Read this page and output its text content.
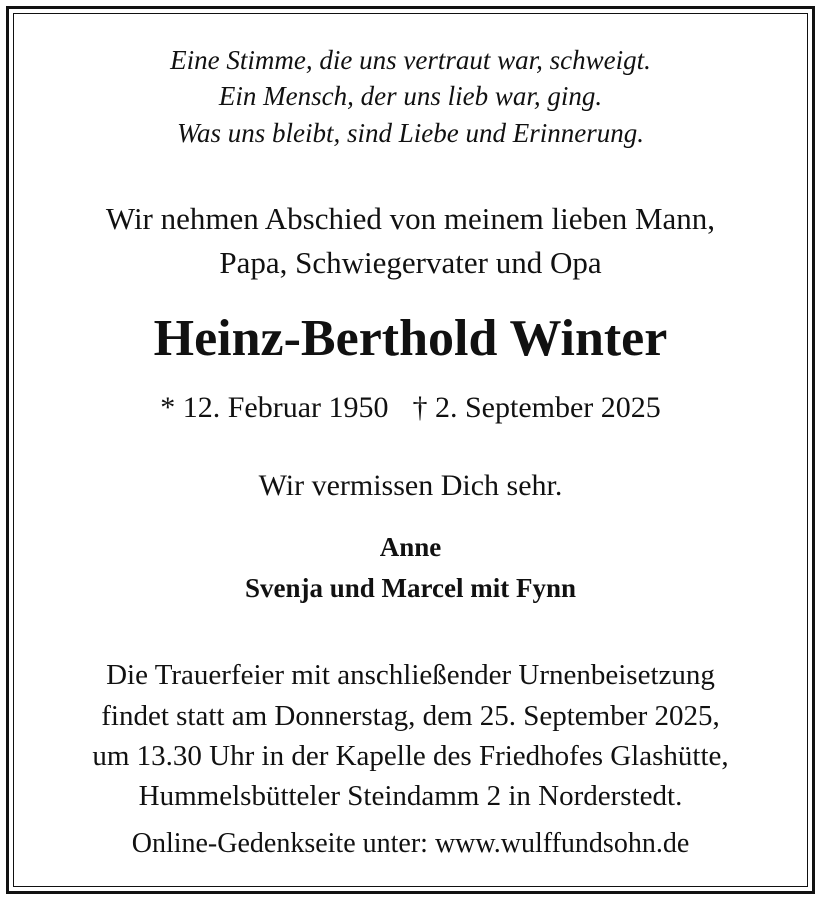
Eine Stimme, die uns vertraut war, schweigt.
Ein Mensch, der uns lieb war, ging.
Was uns bleibt, sind Liebe und Erinnerung.
Wir nehmen Abschied von meinem lieben Mann,
Papa, Schwiegervater und Opa
Heinz-Berthold Winter
* 12. Februar 1950 † 2. September 2025
Wir vermissen Dich sehr.
Anne
Svenja und Marcel mit Fynn
Die Trauerfeier mit anschließender Urnenbeisetzung
findet statt am Donnerstag, dem 25. September 2025,
um 13.30 Uhr in der Kapelle des Friedhofes Glashütte,
Hummelsbütteler Steindamm 2 in Norderstedt.
Online-Gedenkseite unter: www.wulffundsohn.de
